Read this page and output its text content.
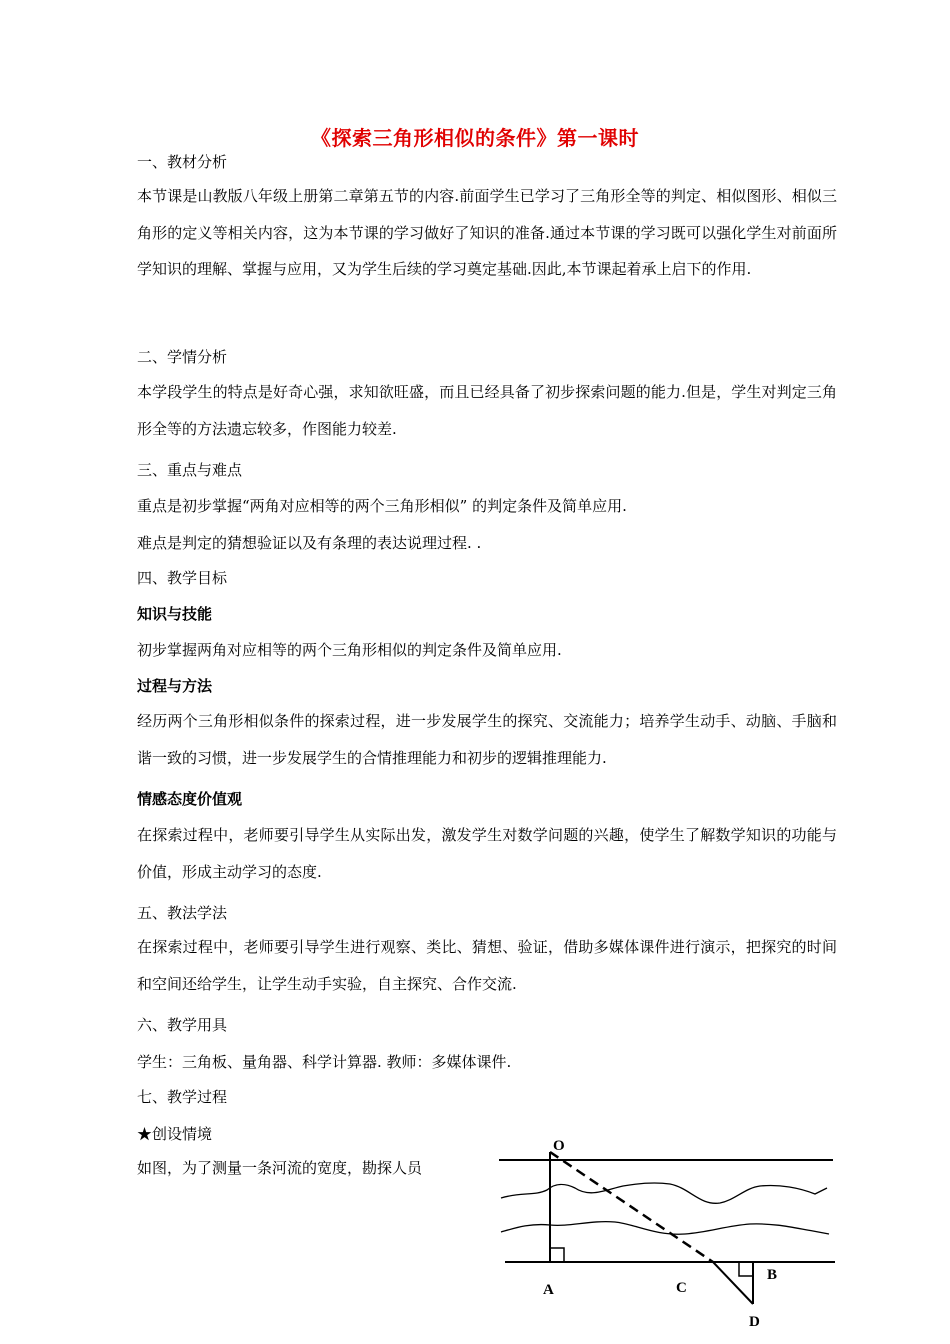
《探索三角形相似的条件》第一课时
一、教材分析
本节课是山教版八年级上册第二章第五节的内容.前面学生已学习了三角形全等的判定、相似图形、相似三角形的定义等相关内容，这为本节课的学习做好了知识的准备.通过本节课的学习既可以强化学生对前面所学知识的理解、掌握与应用，又为学生后续的学习奠定基础.因此,本节课起着承上启下的作用.
二、学情分析
本学段学生的特点是好奇心强，求知欲旺盛，而且已经具备了初步探索问题的能力.但是，学生对判定三角形全等的方法遗忘较多，作图能力较差.
三、重点与难点
重点是初步掌握“两角对应相等的两个三角形相似” 的判定条件及简单应用.
难点是判定的猜想验证以及有条理的表达说理过程. .
四、教学目标
知识与技能
初步掌握两角对应相等的两个三角形相似的判定条件及简单应用.
过程与方法
经历两个三角形相似条件的探索过程，进一步发展学生的探究、交流能力；培养学生动手、动脑、手脑和谐一致的习惯，进一步发展学生的合情推理能力和初步的逻辑推理能力.
情感态度价值观
在探索过程中，老师要引导学生从实际出发，激发学生对数学问题的兴趣，使学生了解数学知识的功能与价值，形成主动学习的态度.
五、教法学法
在探索过程中，老师要引导学生进行观察、类比、猜想、验证，借助多媒体课件进行演示，把探究的时间和空间还给学生，让学生动手实验，自主探究、合作交流.
六、教学用具
学生：三角板、量角器、科学计算器. 教师：多媒体课件.
七、教学过程
★创设情境
如图，为了测量一条河流的宽度，勘探人员
O
A	C
B
D
